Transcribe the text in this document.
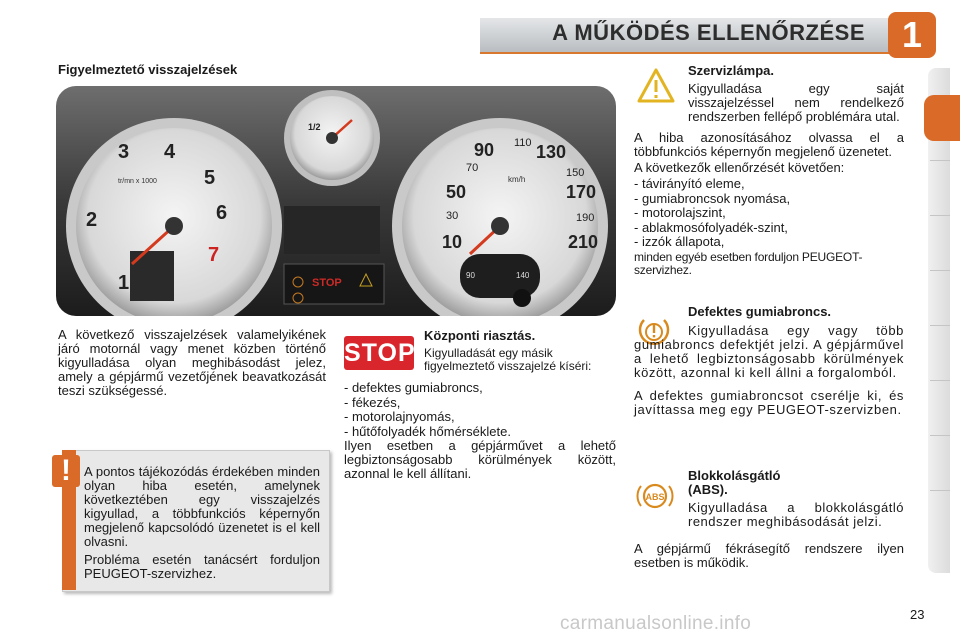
A MŰKÖDÉS ELLENŐRZÉSE	1
Figyelmeztető visszajelzések
1
2
3 4
5
6
7
tr/mn x 1000
1/2
STOP
10
30
50
70
90 110 130
150
170
190
210
km/h
90	140

A következő visszajelzések valamelyikének járó motornál vagy menet közben történő kigyulladása olyan meghibásodást jelez, amely a gépjármű vezetőjének beavatkozását teszi szükségessé.

!	A pontos tájékozódás érdekében minden olyan hiba esetén, amelynek következtében egy visszajelzés kigyullad, a többfunkciós képernyőn megjelenő kapcsolódó üzenetet is el kell olvasni.

Probléma esetén tanácsért forduljon PEUGEOT-szervizhez.

STOP

Központi riasztás.

Kigyulladását egy másik figyelmeztető visszajelzé kíséri:

- defektes gumiabroncs,
- fékezés,
- motorolajnyomás,
- hűtőfolyadék hőmérséklete.

Ilyen esetben a gépjárművet a lehető legbiztonságosabb körülmények között, azonnal le kell állítani.

Szervizlámpa.

Kigyulladása egy saját visszajelzéssel nem rendelkező rendszerben fellépő problémára utal.

A hiba azonosításához olvassa el a többfunkciós képernyőn megjelenő üzenetet.

A következők ellenőrzését követően:

- távirányító eleme,
- gumiabroncsok nyomása,
- motorolajszint,
- ablakmosófolyadék-szint,
- izzók állapota,

minden egyéb esetben forduljon PEUGEOT-szervizhez.

Defektes gumiabroncs.

Kigyulladása egy vagy több gumiabroncs defektjét jelzi. A gépjárművel a lehető legbiztonságosabb körülmények között, azonnal ki kell állni a forgalomból.

A defektes gumiabroncsot cserélje ki, és javíttassa meg egy PEUGEOT-szervizben.

ABS

Blokkolásgátló (ABS).

Kigyulladása a blokkolásgátló rendszer meghibásodását jelzi.

A gépjármű fékrásegítő rendszere ilyen esetben is működik.

23
carmanualsonline.info
